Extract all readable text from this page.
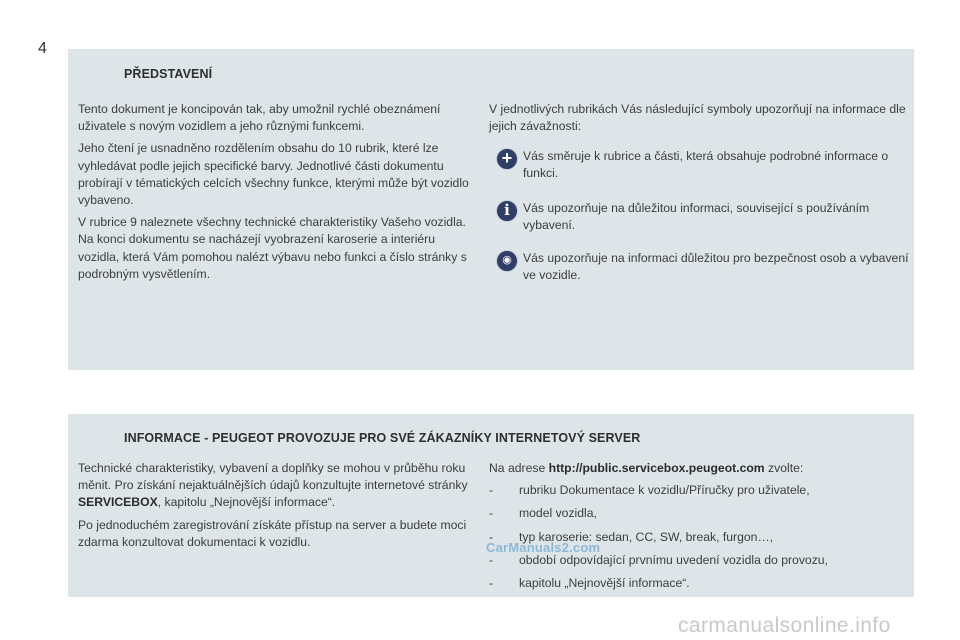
4
PŘEDSTAVENÍ

Tento dokument je koncipován tak, aby umožnil rychlé obeznámení uživatele s novým vozidlem a jeho různými funkcemi.

Jeho čtení je usnadněno rozdělením obsahu do 10 rubrik, které lze vyhledávat podle jejich specifické barvy. Jednotlivé části dokumentu probírají v tématických celcích všechny funkce, kterými může být vozidlo vybaveno.

V rubrice 9 naleznete všechny technické charakteristiky Vašeho vozidla. Na konci dokumentu se nacházejí vyobrazení karoserie a interiéru vozidla, která Vám pomohou nalézt výbavu nebo funkci a číslo stránky s podrobným vysvětlením.

V jednotlivých rubrikách Vás následující symboly upozorňují na informace dle jejich závažnosti:

+ Vás směruje k rubrice a části, která obsahuje podrobné informace o funkci.
i	Vás upozorňuje na důležitou informaci, související s používáním vybavení.
◉ Vás upozorňuje na informaci důležitou pro bezpečnost osob a vybavení ve vozidle.
INFORMACE - PEUGEOT PROVOZUJE PRO SVÉ ZÁKAZNÍKY INTERNETOVÝ SERVER

Technické charakteristiky, vybavení a doplňky se mohou v průběhu roku měnit. Pro získání nejaktuálnějších údajů konzultujte internetové stránky SERVICEBOX, kapitolu „Nejnovější informace“.

Po jednoduchém zaregistrování získáte přístup na server a budete moci zdarma konzultovat dokumentaci k vozidlu.

Na adrese http://public.servicebox.peugeot.com zvolte:

- rubriku Dokumentace k vozidlu/Příručky pro uživatele,
- model vozidla,
- typ karoserie: sedan, CC, SW, break, furgon…,
- období odpovídající prvnímu uvedení vozidla do provozu,
- kapitolu „Nejnovější informace“.
CarManuals2.com
carmanualsonline.info
